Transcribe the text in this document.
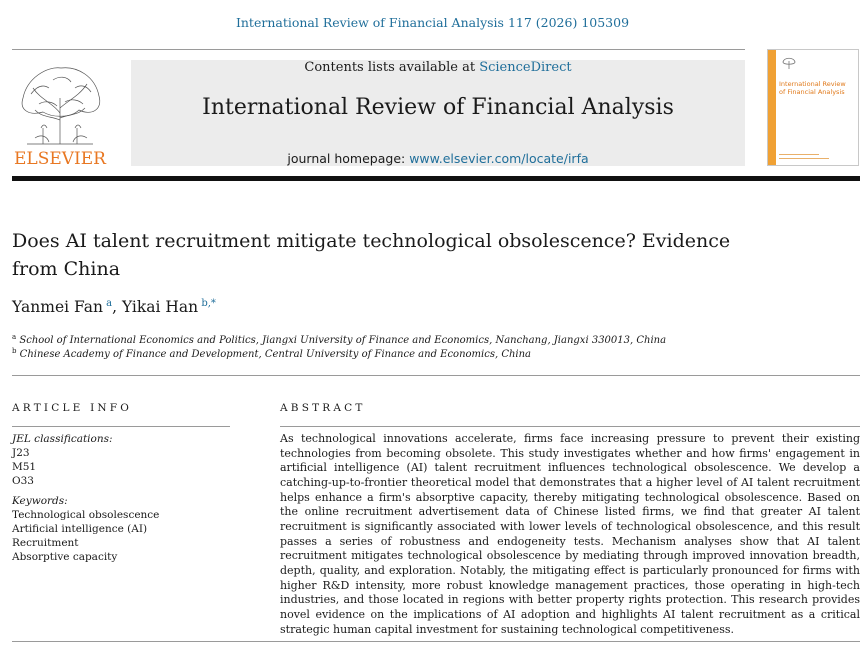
International Review of Financial Analysis 117 (2026) 105309
ELSEVIER
Contents lists available at ScienceDirect
International Review of Financial Analysis
journal homepage: www.elsevier.com/locate/irfa
International Review of Financial Analysis
Does AI talent recruitment mitigate technological obsolescence? Evidence from China
Yanmei Fan $^a$, Yikai Han $^{b,*}$
$^a$ School of International Economics and Politics, Jiangxi University of Finance and Economics, Nanchang, Jiangxi 330013, China
$^b$ Chinese Academy of Finance and Development, Central University of Finance and Economics, China
ARTICLE INFO
JEL classifications:
J23
M51
O33
Keywords:
Technological obsolescence
Artificial intelligence (AI)
Recruitment
Absorptive capacity
ABSTRACT
As technological innovations accelerate, firms face increasing pressure to prevent their existing technologies from becoming obsolete. This study investigates whether and how firms' engagement in artificial intelligence (AI) talent recruitment influences technological obsolescence. We develop a catching-up-to-frontier theoretical model that demonstrates that a higher level of AI talent recruitment helps enhance a firm's absorptive capacity, thereby mitigating technological obsolescence. Based on the online recruitment advertisement data of Chinese listed firms, we find that greater AI talent recruitment is significantly associated with lower levels of technological obsolescence, and this result passes a series of robustness and endogeneity tests. Mechanism analyses show that AI talent recruitment mitigates technological obsolescence by mediating through improved innovation breadth, depth, quality, and exploration. Notably, the mitigating effect is particularly pronounced for firms with higher R&D intensity, more robust knowledge management practices, those operating in high-tech industries, and those located in regions with better property rights protection. This research provides novel evidence on the implications of AI adoption and highlights AI talent recruitment as a critical strategic human capital investment for sustaining technological competitiveness.
